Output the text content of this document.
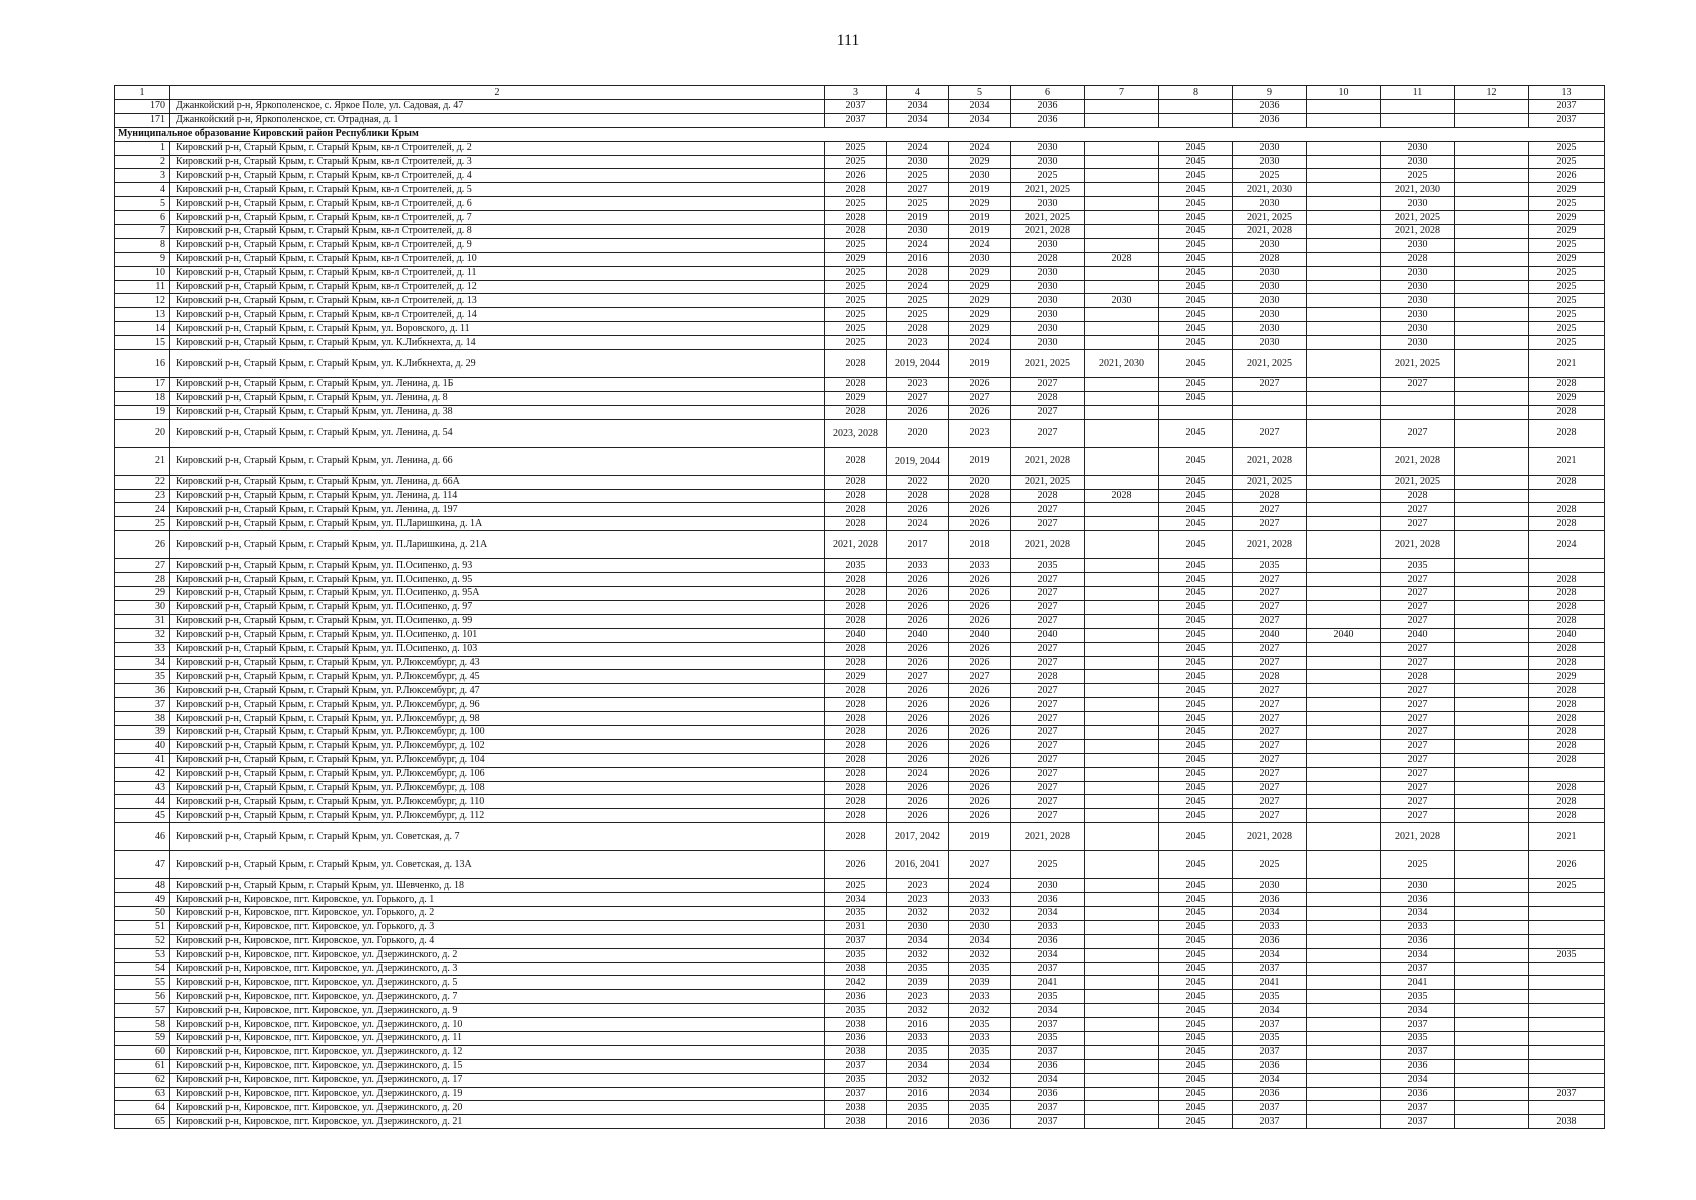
111
1	2	3	4	5	6	7	8	9	10	11	12	13
170	Джанкойский р-н, Яркополенское, с. Яркое Поле, ул. Садовая, д. 47	2037	2034	2034	2036			2036				2037
171	Джанкойский р-н, Яркополенское, ст. Отрадная, д. 1	2037	2034	2034	2036			2036				2037
Муниципальное образование Кировский район Республики Крым												
1	Кировский р-н, Старый Крым, г. Старый Крым, кв-л Строителей, д. 2	2025	2024	2024	2030		2045	2030		2030		2025
2	Кировский р-н, Старый Крым, г. Старый Крым, кв-л Строителей, д. 3	2025	2030	2029	2030		2045	2030		2030		2025
3	Кировский р-н, Старый Крым, г. Старый Крым, кв-л Строителей, д. 4	2026	2025	2030	2025		2045	2025		2025		2026
4	Кировский р-н, Старый Крым, г. Старый Крым, кв-л Строителей, д. 5	2028	2027	2019	2021, 2025		2045	2021, 2030		2021, 2030		2029
5	Кировский р-н, Старый Крым, г. Старый Крым, кв-л Строителей, д. 6	2025	2025	2029	2030		2045	2030		2030		2025
6	Кировский р-н, Старый Крым, г. Старый Крым, кв-л Строителей, д. 7	2028	2019	2019	2021, 2025		2045	2021, 2025		2021, 2025		2029
7	Кировский р-н, Старый Крым, г. Старый Крым, кв-л Строителей, д. 8	2028	2030	2019	2021, 2028		2045	2021, 2028		2021, 2028		2029
8	Кировский р-н, Старый Крым, г. Старый Крым, кв-л Строителей, д. 9	2025	2024	2024	2030		2045	2030		2030		2025
9	Кировский р-н, Старый Крым, г. Старый Крым, кв-л Строителей, д. 10	2029	2016	2030	2028	2028	2045	2028		2028		2029
10	Кировский р-н, Старый Крым, г. Старый Крым, кв-л Строителей, д. 11	2025	2028	2029	2030		2045	2030		2030		2025
11	Кировский р-н, Старый Крым, г. Старый Крым, кв-л Строителей, д. 12	2025	2024	2029	2030		2045	2030		2030		2025
12	Кировский р-н, Старый Крым, г. Старый Крым, кв-л Строителей, д. 13	2025	2025	2029	2030	2030	2045	2030		2030		2025
13	Кировский р-н, Старый Крым, г. Старый Крым, кв-л Строителей, д. 14	2025	2025	2029	2030		2045	2030		2030		2025
14	Кировский р-н, Старый Крым, г. Старый Крым, ул. Воровского, д. 11	2025	2028	2029	2030		2045	2030		2030		2025
15	Кировский р-н, Старый Крым, г. Старый Крым, ул. К.Либкнехта, д. 14	2025	2023	2024	2030		2045	2030		2030		2025
16	Кировский р-н, Старый Крым, г. Старый Крым, ул. К.Либкнехта, д. 29	2028	2019, 2044	2019	2021, 2025	2021, 2030	2045	2021, 2025		2021, 2025		2021
17	Кировский р-н, Старый Крым, г. Старый Крым, ул. Ленина, д. 1Б	2028	2023	2026	2027		2045	2027		2027		2028
18	Кировский р-н, Старый Крым, г. Старый Крым, ул. Ленина, д. 8	2029	2027	2027	2028		2045					2029
19	Кировский р-н, Старый Крым, г. Старый Крым, ул. Ленина, д. 38	2028	2026	2026	2027							2028
20	Кировский р-н, Старый Крым, г. Старый Крым, ул. Ленина, д. 54	2023, 2028	2020	2023	2027		2045	2027		2027		2028
21	Кировский р-н, Старый Крым, г. Старый Крым, ул. Ленина, д. 66	2028	2019, 2044	2019	2021, 2028		2045	2021, 2028		2021, 2028		2021
22	Кировский р-н, Старый Крым, г. Старый Крым, ул. Ленина, д. 66А	2028	2022	2020	2021, 2025		2045	2021, 2025		2021, 2025		2028
23	Кировский р-н, Старый Крым, г. Старый Крым, ул. Ленина, д. 114	2028	2028	2028	2028	2028	2045	2028		2028		
24	Кировский р-н, Старый Крым, г. Старый Крым, ул. Ленина, д. 197	2028	2026	2026	2027		2045	2027		2027		2028
25	Кировский р-н, Старый Крым, г. Старый Крым, ул. П.Ларишкина, д. 1А	2028	2024	2026	2027		2045	2027		2027		2028
26	Кировский р-н, Старый Крым, г. Старый Крым, ул. П.Ларишкина, д. 21А	2021, 2028	2017	2018	2021, 2028		2045	2021, 2028		2021, 2028		2024
27	Кировский р-н, Старый Крым, г. Старый Крым, ул. П.Осипенко, д. 93	2035	2033	2033	2035		2045	2035		2035		
28	Кировский р-н, Старый Крым, г. Старый Крым, ул. П.Осипенко, д. 95	2028	2026	2026	2027		2045	2027		2027		2028
29	Кировский р-н, Старый Крым, г. Старый Крым, ул. П.Осипенко, д. 95А	2028	2026	2026	2027		2045	2027		2027		2028
30	Кировский р-н, Старый Крым, г. Старый Крым, ул. П.Осипенко, д. 97	2028	2026	2026	2027		2045	2027		2027		2028
31	Кировский р-н, Старый Крым, г. Старый Крым, ул. П.Осипенко, д. 99	2028	2026	2026	2027		2045	2027		2027		2028
32	Кировский р-н, Старый Крым, г. Старый Крым, ул. П.Осипенко, д. 101	2040	2040	2040	2040		2045	2040	2040	2040		2040
33	Кировский р-н, Старый Крым, г. Старый Крым, ул. П.Осипенко, д. 103	2028	2026	2026	2027		2045	2027		2027		2028
34	Кировский р-н, Старый Крым, г. Старый Крым, ул. Р.Люксембург, д. 43	2028	2026	2026	2027		2045	2027		2027		2028
35	Кировский р-н, Старый Крым, г. Старый Крым, ул. Р.Люксембург, д. 45	2029	2027	2027	2028		2045	2028		2028		2029
36	Кировский р-н, Старый Крым, г. Старый Крым, ул. Р.Люксембург, д. 47	2028	2026	2026	2027		2045	2027		2027		2028
37	Кировский р-н, Старый Крым, г. Старый Крым, ул. Р.Люксембург, д. 96	2028	2026	2026	2027		2045	2027		2027		2028
38	Кировский р-н, Старый Крым, г. Старый Крым, ул. Р.Люксембург, д. 98	2028	2026	2026	2027		2045	2027		2027		2028
39	Кировский р-н, Старый Крым, г. Старый Крым, ул. Р.Люксембург, д. 100	2028	2026	2026	2027		2045	2027		2027		2028
40	Кировский р-н, Старый Крым, г. Старый Крым, ул. Р.Люксембург, д. 102	2028	2026	2026	2027		2045	2027		2027		2028
41	Кировский р-н, Старый Крым, г. Старый Крым, ул. Р.Люксембург, д. 104	2028	2026	2026	2027		2045	2027		2027		2028
42	Кировский р-н, Старый Крым, г. Старый Крым, ул. Р.Люксембург, д. 106	2028	2024	2026	2027		2045	2027		2027		
43	Кировский р-н, Старый Крым, г. Старый Крым, ул. Р.Люксембург, д. 108	2028	2026	2026	2027		2045	2027		2027		2028
44	Кировский р-н, Старый Крым, г. Старый Крым, ул. Р.Люксембург, д. 110	2028	2026	2026	2027		2045	2027		2027		2028
45	Кировский р-н, Старый Крым, г. Старый Крым, ул. Р.Люксембург, д. 112	2028	2026	2026	2027		2045	2027		2027		2028
46	Кировский р-н, Старый Крым, г. Старый Крым, ул. Советская, д. 7	2028	2017, 2042	2019	2021, 2028		2045	2021, 2028		2021, 2028		2021
47	Кировский р-н, Старый Крым, г. Старый Крым, ул. Советская, д. 13А	2026	2016, 2041	2027	2025		2045	2025		2025		2026
48	Кировский р-н, Старый Крым, г. Старый Крым, ул. Шевченко, д. 18	2025	2023	2024	2030		2045	2030		2030		2025
49	Кировский р-н, Кировское, пгт. Кировское, ул. Горького, д. 1	2034	2023	2033	2036		2045	2036		2036		
50	Кировский р-н, Кировское, пгт. Кировское, ул. Горького, д. 2	2035	2032	2032	2034		2045	2034		2034		
51	Кировский р-н, Кировское, пгт. Кировское, ул. Горького, д. 3	2031	2030	2030	2033		2045	2033		2033		
52	Кировский р-н, Кировское, пгт. Кировское, ул. Горького, д. 4	2037	2034	2034	2036		2045	2036		2036		
53	Кировский р-н, Кировское, пгт. Кировское, ул. Дзержинского, д. 2	2035	2032	2032	2034		2045	2034		2034		2035
54	Кировский р-н, Кировское, пгт. Кировское, ул. Дзержинского, д. 3	2038	2035	2035	2037		2045	2037		2037		
55	Кировский р-н, Кировское, пгт. Кировское, ул. Дзержинского, д. 5	2042	2039	2039	2041		2045	2041		2041		
56	Кировский р-н, Кировское, пгт. Кировское, ул. Дзержинского, д. 7	2036	2023	2033	2035		2045	2035		2035		
57	Кировский р-н, Кировское, пгт. Кировское, ул. Дзержинского, д. 9	2035	2032	2032	2034		2045	2034		2034		
58	Кировский р-н, Кировское, пгт. Кировское, ул. Дзержинского, д. 10	2038	2016	2035	2037		2045	2037		2037		
59	Кировский р-н, Кировское, пгт. Кировское, ул. Дзержинского, д. 11	2036	2033	2033	2035		2045	2035		2035		
60	Кировский р-н, Кировское, пгт. Кировское, ул. Дзержинского, д. 12	2038	2035	2035	2037		2045	2037		2037		
61	Кировский р-н, Кировское, пгт. Кировское, ул. Дзержинского, д. 15	2037	2034	2034	2036		2045	2036		2036		
62	Кировский р-н, Кировское, пгт. Кировское, ул. Дзержинского, д. 17	2035	2032	2032	2034		2045	2034		2034		
63	Кировский р-н, Кировское, пгт. Кировское, ул. Дзержинского, д. 19	2037	2016	2034	2036		2045	2036		2036		2037
64	Кировский р-н, Кировское, пгт. Кировское, ул. Дзержинского, д. 20	2038	2035	2035	2037		2045	2037		2037		
65	Кировский р-н, Кировское, пгт. Кировское, ул. Дзержинского, д. 21	2038	2016	2036	2037		2045	2037		2037		2038
